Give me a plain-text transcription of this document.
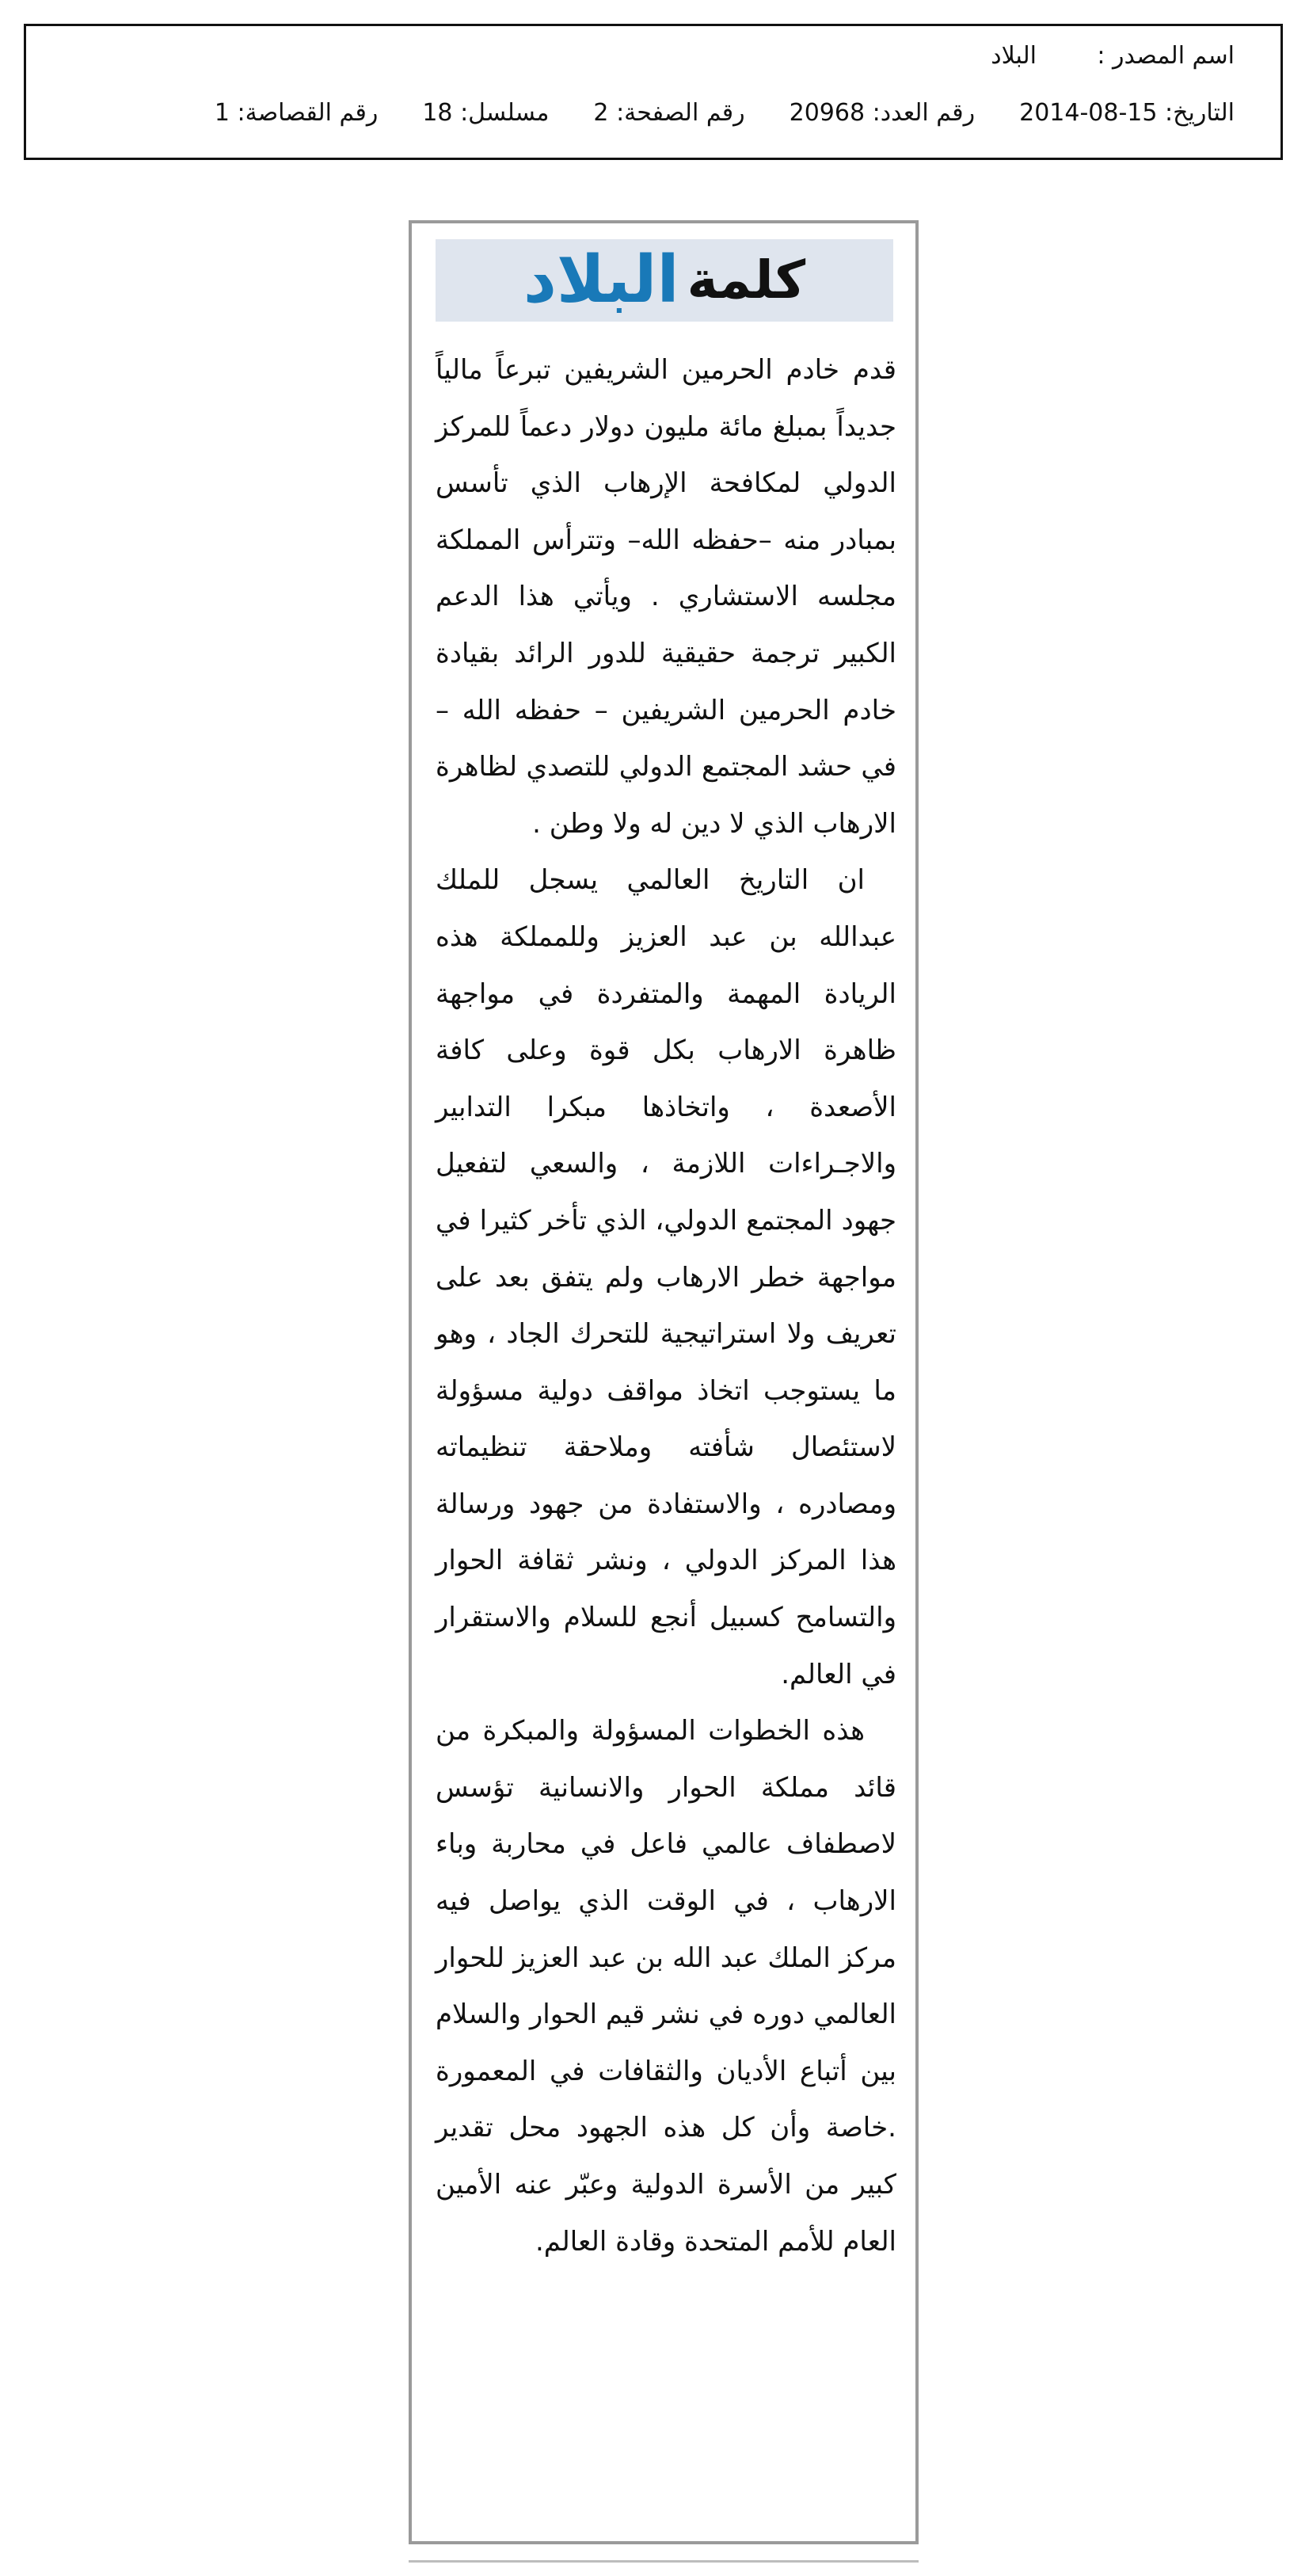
اسم المصدر :
البلاد
التاريخ: 2014-08-15
رقم العدد: 20968
رقم الصفحة: 2
مسلسل: 18
رقم القصاصة: 1
كلمة
البلاد

قدم خادم الحرمين الشريفين تبرعاً مالياً جديداً بمبلغ مائة مليون دولار دعماً للمركز الدولي لمكافحة الإرهاب الذي تأسس بمبادر منه –حفظه الله– وتترأس المملكة مجلسه الاستشاري . ويأتي هذا الدعم الكبير ترجمة حقيقية للدور الرائد بقيادة خادم الحرمين الشريفين – حفظه الله – في حشد المجتمع الدولي للتصدي لظاهرة الارهاب الذي لا دين له ولا وطن .

ان التاريخ العالمي يسجل للملك عبدالله بن عبد العزيز وللمملكة هذه الريادة المهمة والمتفردة في مواجهة ظاهرة الارهاب بكل قوة وعلى كافة الأصعدة ، واتخاذها مبكرا التدابير والاجـراءات اللازمة ، والسعي لتفعيل جهود المجتمع الدولي، الذي تأخر كثيرا في مواجهة خطر الارهاب ولم يتفق بعد على تعريف ولا استراتيجية للتحرك الجاد ، وهو ما يستوجب اتخاذ مواقف دولية مسؤولة لاستئصال شأفته وملاحقة تنظيماته ومصادره ، والاستفادة من جهود ورسالة هذا المركز الدولي ، ونشر ثقافة الحوار والتسامح كسبيل أنجع للسلام والاستقرار في العالم.

هذه الخطوات المسؤولة والمبكرة من قائد مملكة الحوار والانسانية تؤسس لاصطفاف عالمي فاعل في محاربة وباء الارهاب ، في الوقت الذي يواصل فيه مركز الملك عبد الله بن عبد العزيز للحوار العالمي دوره في نشر قيم الحوار والسلام بين أتباع الأديان والثقافات في المعمورة .خاصة وأن كل هذه الجهود محل تقدير كبير من الأسرة الدولية وعبّر عنه الأمين العام للأمم المتحدة وقادة العالم.
